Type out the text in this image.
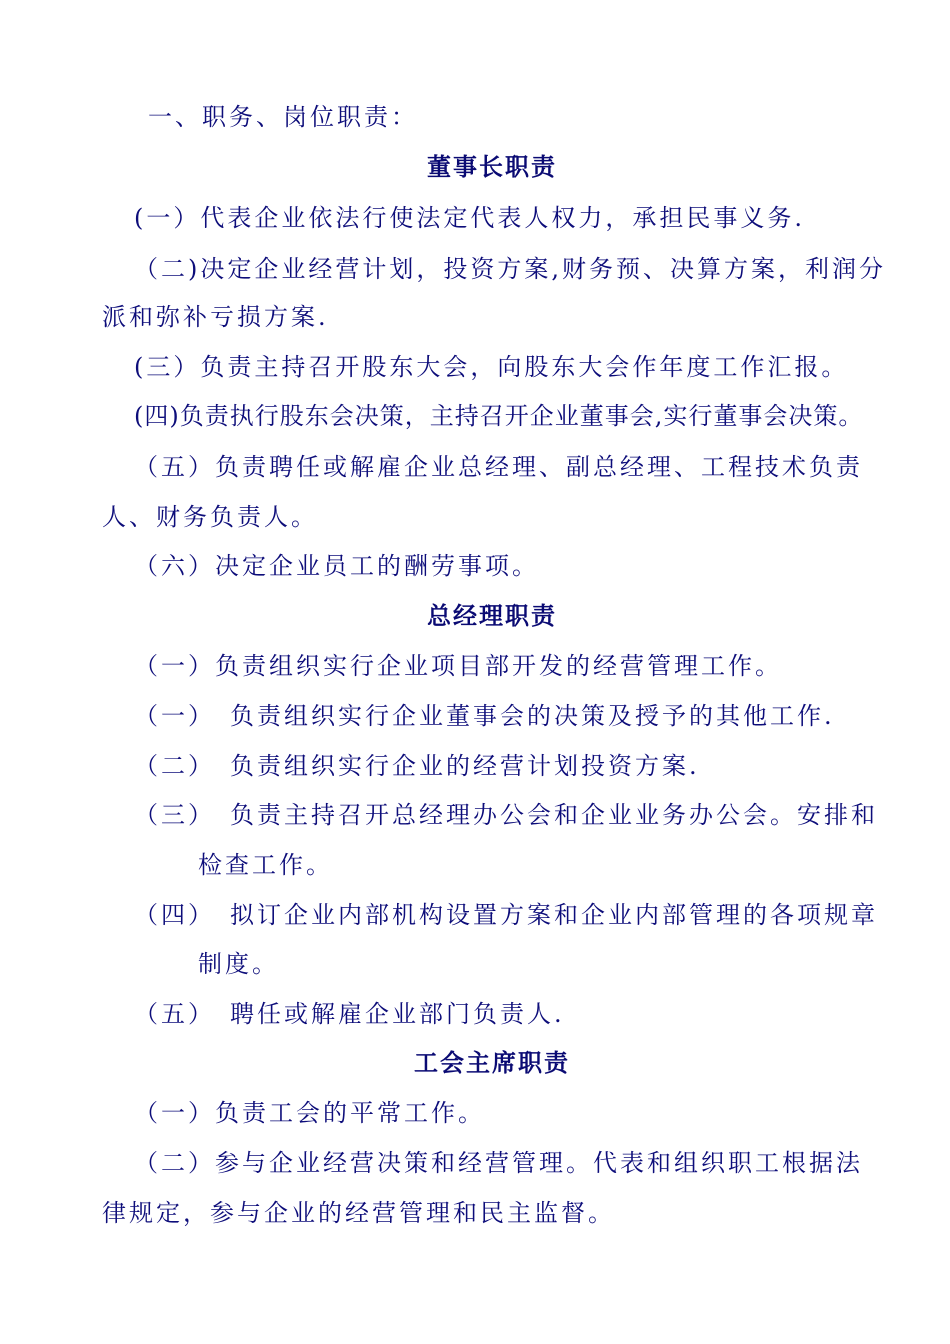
一、职务、岗位职责：
董事长职责
(一）代表企业依法行使法定代表人权力，承担民事义务.
（二)决定企业经营计划，投资方案,财务预、决算方案，利润分
派和弥补亏损方案.
(三）负责主持召开股东大会，向股东大会作年度工作汇报。
(四)负责执行股东会决策，主持召开企业董事会,实行董事会决策。
（五）负责聘任或解雇企业总经理、副总经理、工程技术负责
人、财务负责人。
（六）决定企业员工的酬劳事项。
总经理职责
（一）负责组织实行企业项目部开发的经营管理工作。
（一） 负责组织实行企业董事会的决策及授予的其他工作.
（二） 负责组织实行企业的经营计划投资方案.
（三） 负责主持召开总经理办公会和企业业务办公会。安排和
检查工作。
（四） 拟订企业内部机构设置方案和企业内部管理的各项规章
制度。
（五） 聘任或解雇企业部门负责人.
工会主席职责
（一）负责工会的平常工作。
（二）参与企业经营决策和经营管理。代表和组织职工根据法
律规定，参与企业的经营管理和民主监督。
